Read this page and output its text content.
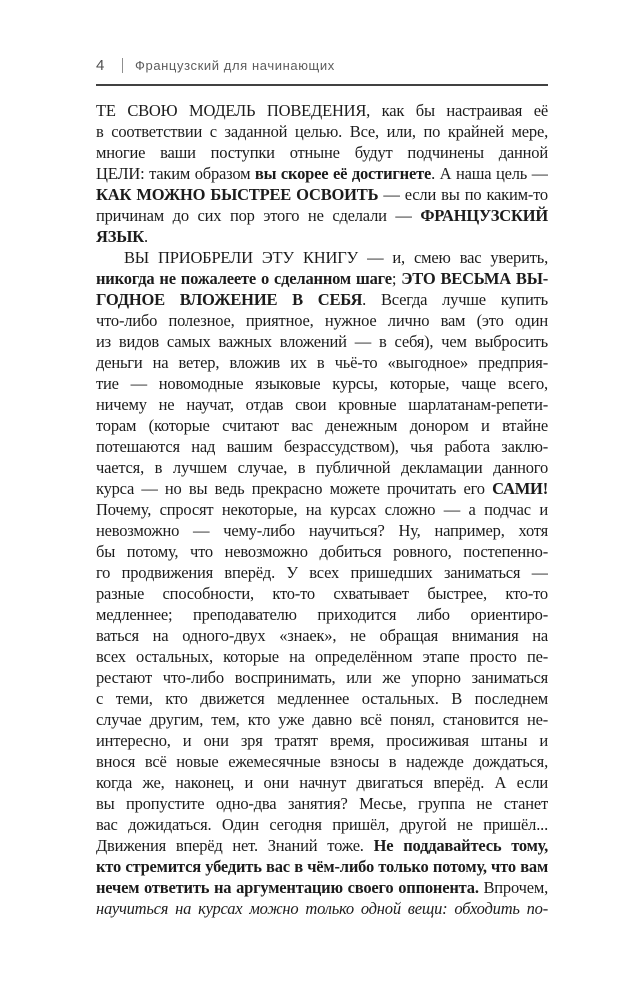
4	Французский для начинающих
ТЕ СВОЮ МОДЕЛЬ ПОВЕДЕНИЯ, как бы настраивая её
в соответствии с заданной целью. Все, или, по крайней мере,
многие ваши поступки отныне будут подчинены данной
ЦЕЛИ: таким образом вы скорее её достигнете. А наша цель —
КАК МОЖНО БЫСТРЕЕ ОСВОИТЬ — если вы по каким-то
причинам до сих пор этого не сделали — ФРАНЦУЗСКИЙ
ЯЗЫК.
ВЫ ПРИОБРЕЛИ ЭТУ КНИГУ — и, смею вас уверить,
никогда не пожалеете о сделанном шаге; ЭТО ВЕСЬМА ВЫ-
ГОДНОЕ ВЛОЖЕНИЕ В СЕБЯ. Всегда лучше купить
что-либо полезное, приятное, нужное лично вам (это один
из видов самых важных вложений — в себя), чем выбросить
деньги на ветер, вложив их в чьё-то «выгодное» предприя-
тие — новомодные языковые курсы, которые, чаще всего,
ничему не научат, отдав свои кровные шарлатанам-репети-
торам (которые считают вас денежным донором и втайне
потешаются над вашим безрассудством), чья работа заклю-
чается, в лучшем случае, в публичной декламации данного
курса — но вы ведь прекрасно можете прочитать его САМИ!
Почему, спросят некоторые, на курсах сложно — а подчас и
невозможно — чему-либо научиться? Ну, например, хотя
бы потому, что невозможно добиться ровного, постепенно-
го продвижения вперёд. У всех пришедших заниматься —
разные способности, кто-то схватывает быстрее, кто-то
медленнее; преподавателю приходится либо ориентиро-
ваться на одного-двух «знаек», не обращая внимания на
всех остальных, которые на определённом этапе просто пе-
рестают что-либо воспринимать, или же упорно заниматься
с теми, кто движется медленнее остальных. В последнем
случае другим, тем, кто уже давно всё понял, становится не-
интересно, и они зря тратят время, просиживая штаны и
внося всё новые ежемесячные взносы в надежде дождаться,
когда же, наконец, и они начнут двигаться вперёд. А если
вы пропустите одно-два занятия? Месье, группа не станет
вас дожидаться. Один сегодня пришёл, другой не пришёл...
Движения вперёд нет. Знаний тоже. Не поддавайтесь тому,
кто стремится убедить вас в чём-либо только потому, что вам
нечем ответить на аргументацию своего оппонента. Впрочем,
научиться на курсах можно только одной вещи: обходить по-
